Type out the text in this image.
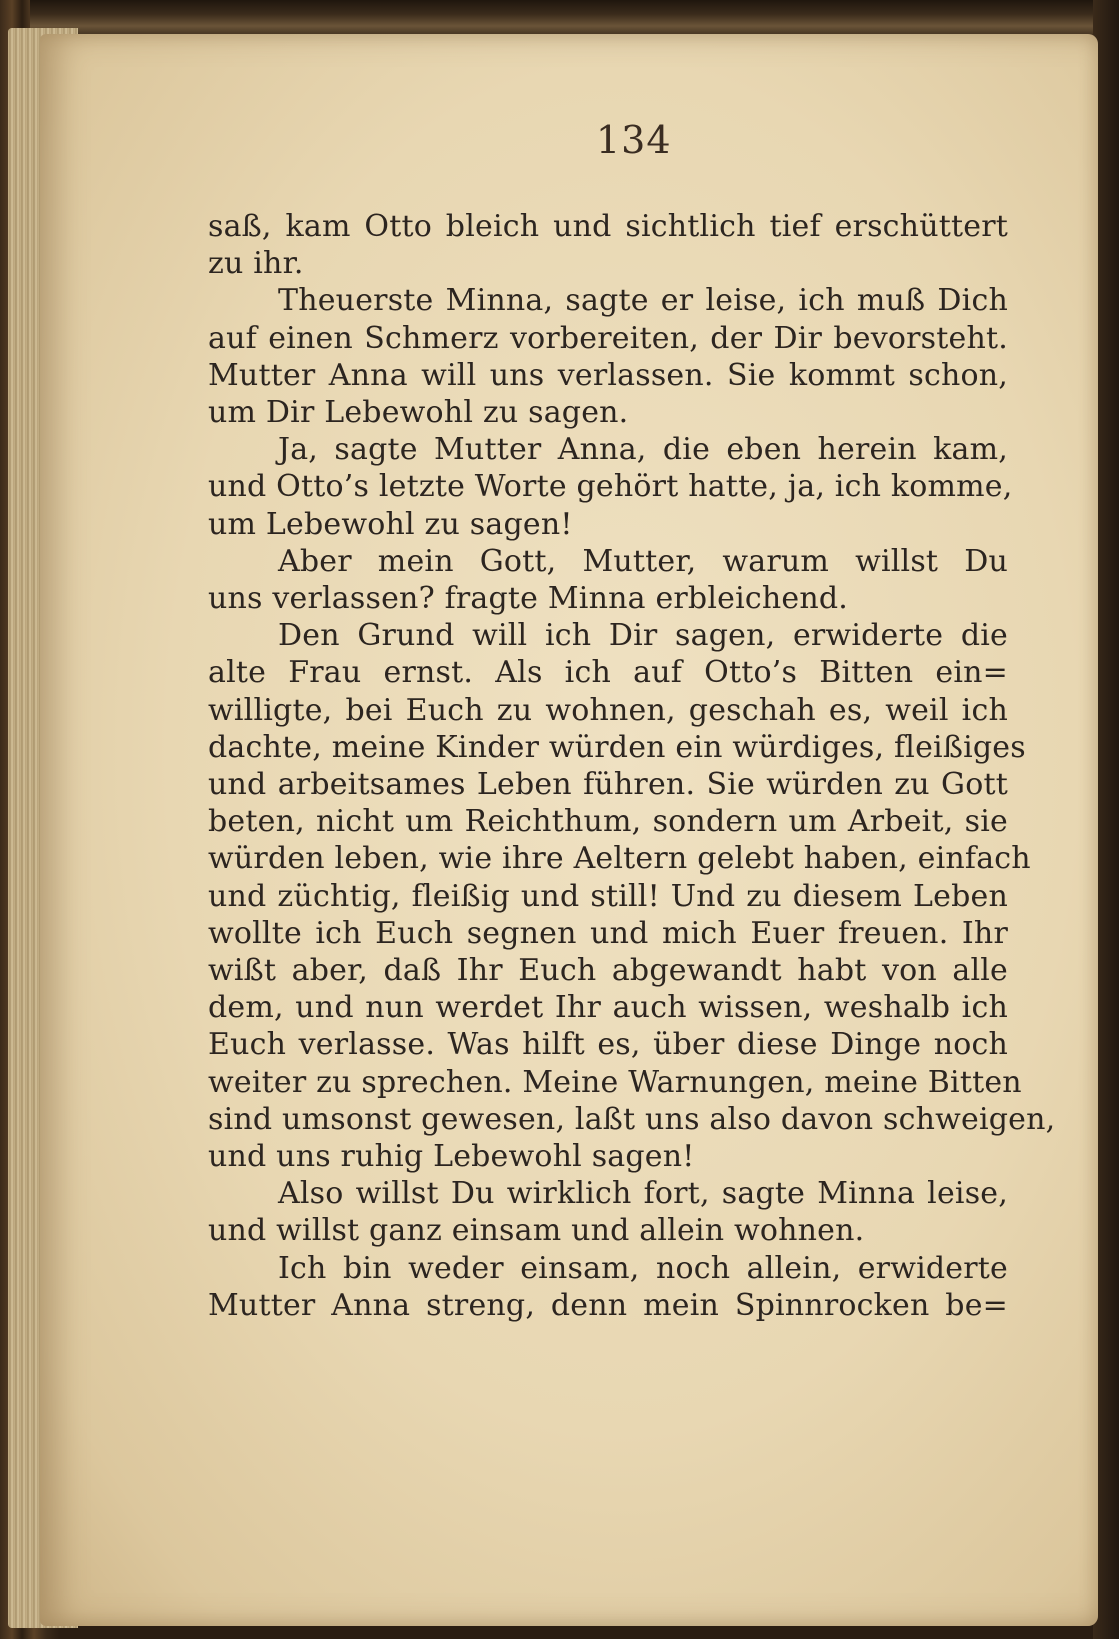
134
saß, kam Otto bleich und sichtlich tief erschüttert
zu ihr.
Theuerste Minna, sagte er leise, ich muß Dich
auf einen Schmerz vorbereiten, der Dir bevorsteht.
Mutter Anna will uns verlassen. Sie kommt schon,
um Dir Lebewohl zu sagen.
Ja, sagte Mutter Anna, die eben herein kam,
und Otto’s letzte Worte gehört hatte, ja, ich komme,
um Lebewohl zu sagen!
Aber mein Gott, Mutter, warum willst Du
uns verlassen? fragte Minna erbleichend.
Den Grund will ich Dir sagen, erwiderte die
alte Frau ernst. Als ich auf Otto’s Bitten ein=
willigte, bei Euch zu wohnen, geschah es, weil ich
dachte, meine Kinder würden ein würdiges, fleißiges
und arbeitsames Leben führen. Sie würden zu Gott
beten, nicht um Reichthum, sondern um Arbeit, sie
würden leben, wie ihre Aeltern gelebt haben, einfach
und züchtig, fleißig und still! Und zu diesem Leben
wollte ich Euch segnen und mich Euer freuen. Ihr
wißt aber, daß Ihr Euch abgewandt habt von alle
dem, und nun werdet Ihr auch wissen, weshalb ich
Euch verlasse. Was hilft es, über diese Dinge noch
weiter zu sprechen. Meine Warnungen, meine Bitten
sind umsonst gewesen, laßt uns also davon schweigen,
und uns ruhig Lebewohl sagen!
Also willst Du wirklich fort, sagte Minna leise,
und willst ganz einsam und allein wohnen.
Ich bin weder einsam, noch allein, erwiderte
Mutter Anna streng, denn mein Spinnrocken be=
